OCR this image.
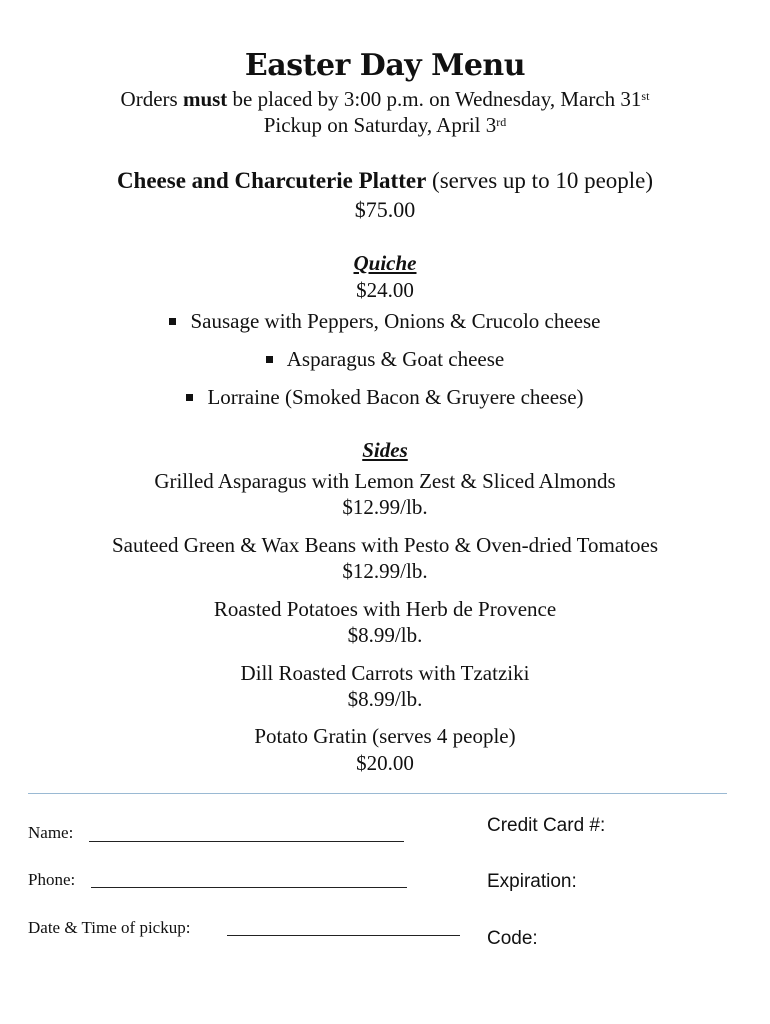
Easter Day Menu
Orders must be placed by 3:00 p.m. on Wednesday, March 31st
Pickup on Saturday, April 3rd
Cheese and Charcuterie Platter (serves up to 10 people)
$75.00
Quiche
$24.00
Sausage with Peppers, Onions & Crucolo cheese
Asparagus & Goat cheese
Lorraine (Smoked Bacon & Gruyere cheese)
Sides
Grilled Asparagus with Lemon Zest & Sliced Almonds
$12.99/lb.
Sauteed Green & Wax Beans with Pesto & Oven-dried Tomatoes
$12.99/lb.
Roasted Potatoes with Herb de Provence
$8.99/lb.
Dill Roasted Carrots with Tzatziki
$8.99/lb.
Potato Gratin (serves 4 people)
$20.00
Name:
Phone:
Date & Time of pickup:
Credit Card #:
Expiration:
Code:
